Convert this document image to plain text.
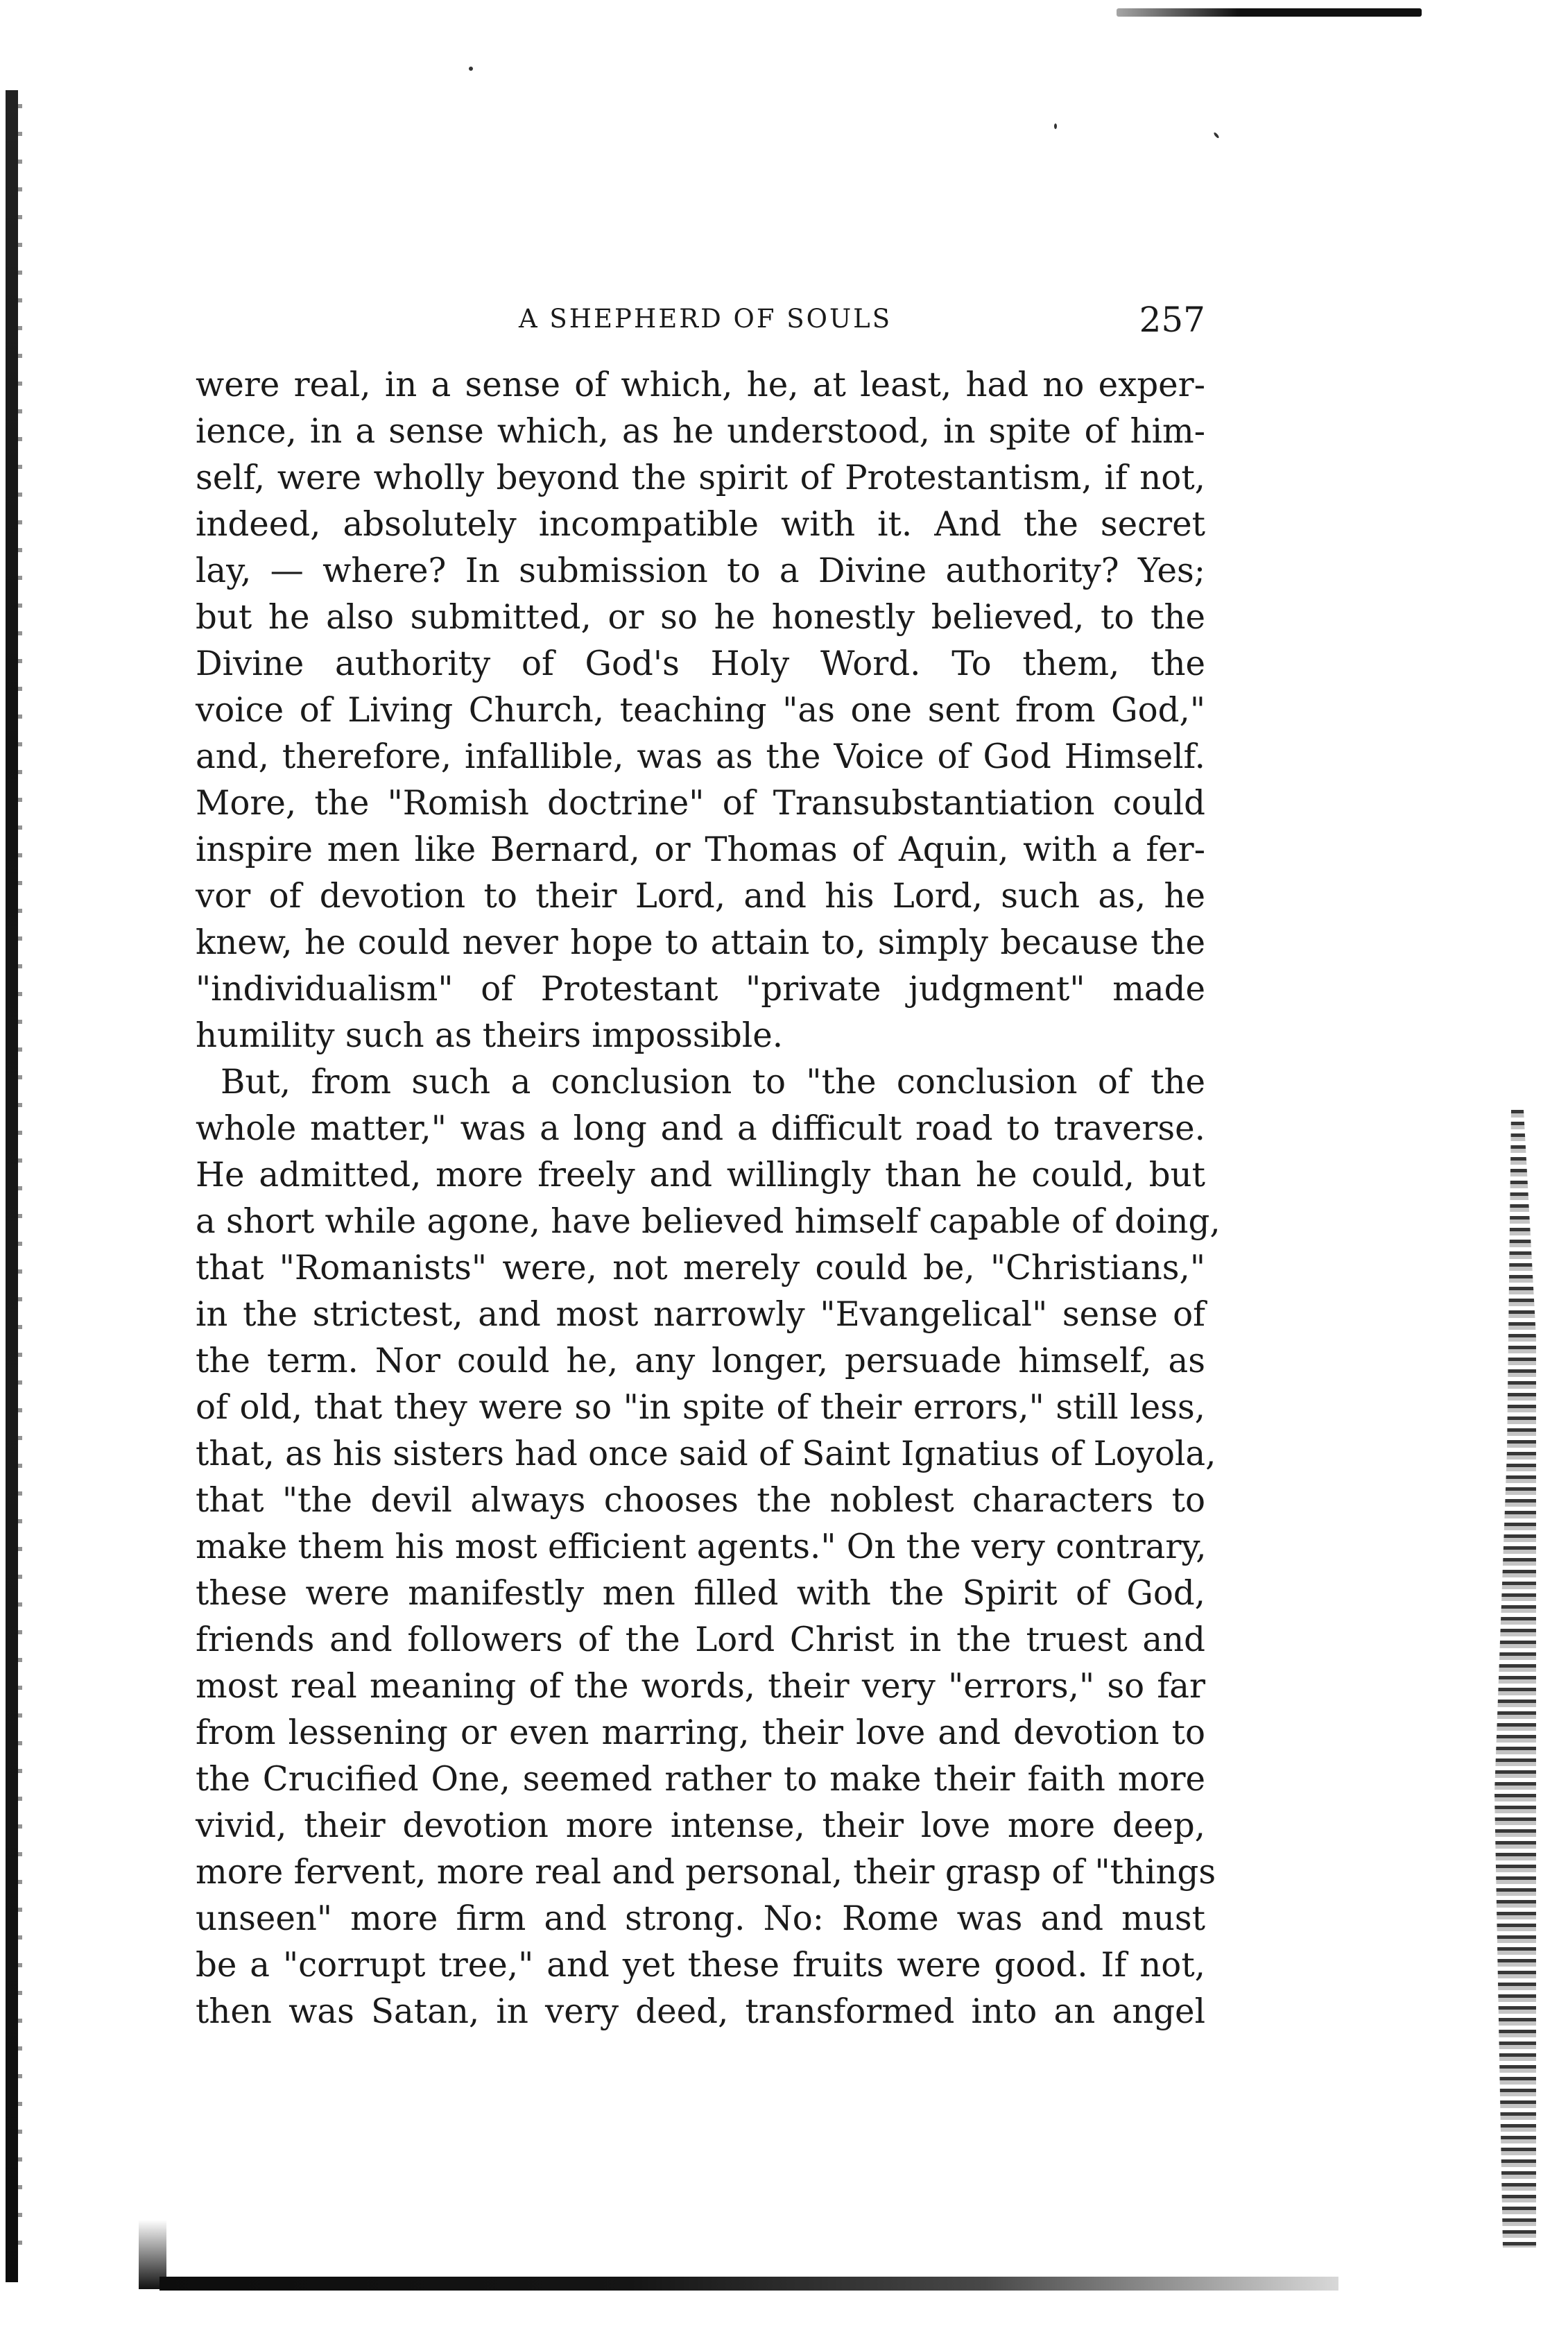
A SHEPHERD OF SOULS	257
were real, in a sense of which, he, at least, had no exper-
ience, in a sense which, as he understood, in spite of him-
self, were wholly beyond the spirit of Protestantism, if not,
indeed, absolutely incompatible with it. And the secret
lay, — where? In submission to a Divine authority? Yes;
but he also submitted, or so he honestly believed, to the
Divine authority of God's Holy Word. To them, the
voice of Living Church, teaching "as one sent from God,"
and, therefore, infallible, was as the Voice of God Himself.
More, the "Romish doctrine" of Transubstantiation could
inspire men like Bernard, or Thomas of Aquin, with a fer-
vor of devotion to their Lord, and his Lord, such as, he
knew, he could never hope to attain to, simply because the
"individualism" of Protestant "private judgment" made
humility such as theirs impossible.
But, from such a conclusion to "the conclusion of the
whole matter," was a long and a difficult road to traverse.
He admitted, more freely and willingly than he could, but
a short while agone, have believed himself capable of doing,
that "Romanists" were, not merely could be, "Christians,"
in the strictest, and most narrowly "Evangelical" sense of
the term. Nor could he, any longer, persuade himself, as
of old, that they were so "in spite of their errors," still less,
that, as his sisters had once said of Saint Ignatius of Loyola,
that "the devil always chooses the noblest characters to
make them his most efficient agents." On the very contrary,
these were manifestly men filled with the Spirit of God,
friends and followers of the Lord Christ in the truest and
most real meaning of the words, their very "errors," so far
from lessening or even marring, their love and devotion to
the Crucified One, seemed rather to make their faith more
vivid, their devotion more intense, their love more deep,
more fervent, more real and personal, their grasp of "things
unseen" more firm and strong. No: Rome was and must
be a "corrupt tree," and yet these fruits were good. If not,
then was Satan, in very deed, transformed into an angel
